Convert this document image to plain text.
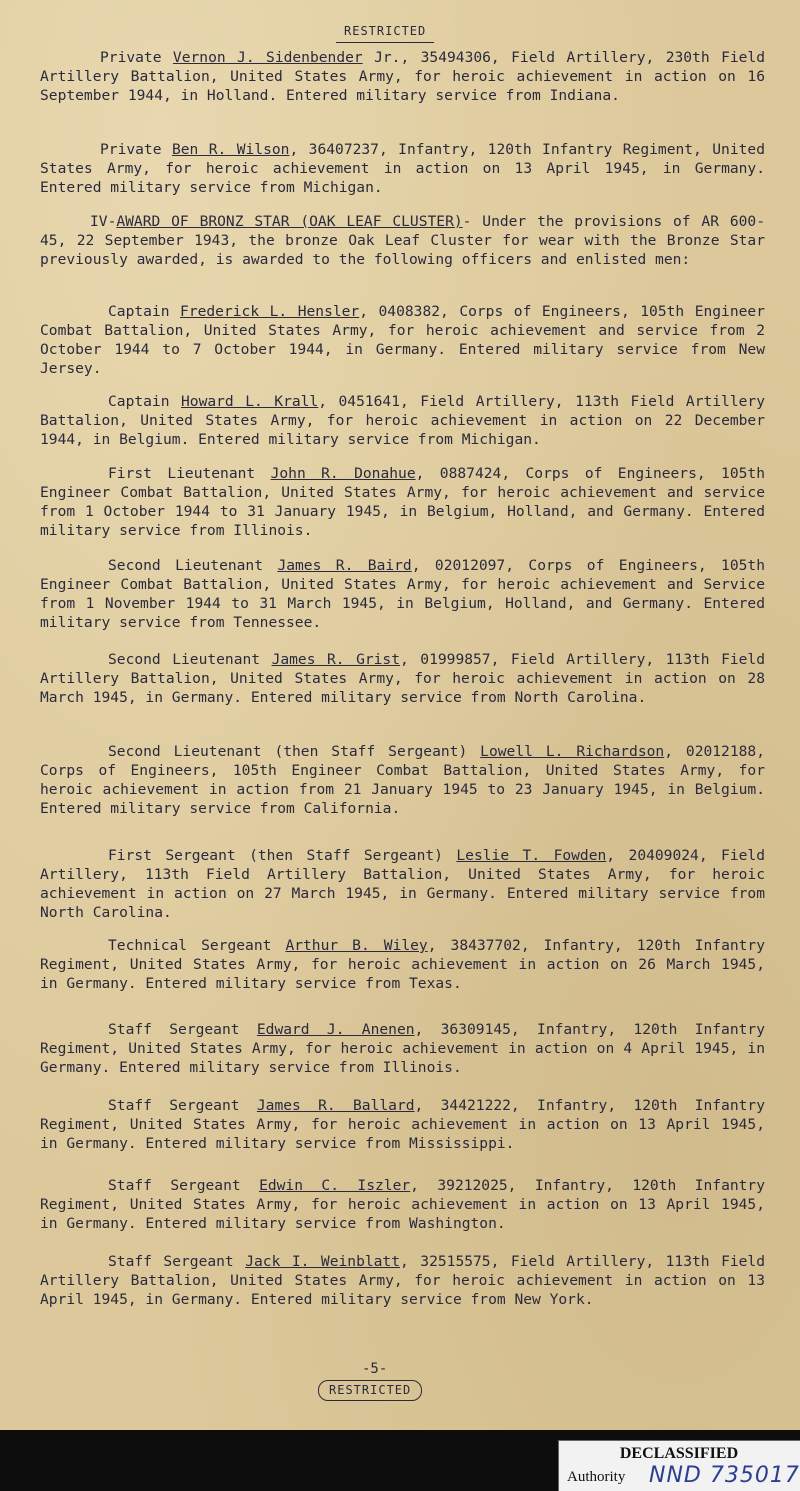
RESTRICTED

Private Vernon J. Sidenbender Jr., 35494306, Field Artillery, 230th Field Artillery Battalion, United States Army, for heroic achievement in action on 16 September 1944, in Holland. Entered military service from Indiana.

Private Ben R. Wilson, 36407237, Infantry, 120th Infantry Regiment, United States Army, for heroic achievement in action on 13 April 1945, in Germany. Entered military service from Michigan.

IV-AWARD OF BRONZ STAR (OAK LEAF CLUSTER)- Under the provisions of AR 600-45, 22 September 1943, the bronze Oak Leaf Cluster for wear with the Bronze Star previously awarded, is awarded to the following officers and enlisted men:

Captain Frederick L. Hensler, 0408382, Corps of Engineers, 105th Engineer Combat Battalion, United States Army, for heroic achievement and service from 2 October 1944 to 7 October 1944, in Germany. Entered military service from New Jersey.

Captain Howard L. Krall, 0451641, Field Artillery, 113th Field Artillery Battalion, United States Army, for heroic achievement in action on 22 December 1944, in Belgium. Entered military service from Michigan.

First Lieutenant John R. Donahue, 0887424, Corps of Engineers, 105th Engineer Combat Battalion, United States Army, for heroic achievement and service from 1 October 1944 to 31 January 1945, in Belgium, Holland, and Germany. Entered military service from Illinois.

Second Lieutenant James R. Baird, 02012097, Corps of Engineers, 105th Engineer Combat Battalion, United States Army, for heroic achievement and Service from 1 November 1944 to 31 March 1945, in Belgium, Holland, and Germany. Entered military service from Tennessee.

Second Lieutenant James R. Grist, 01999857, Field Artillery, 113th Field Artillery Battalion, United States Army, for heroic achievement in action on 28 March 1945, in Germany. Entered military service from North Carolina.

Second Lieutenant (then Staff Sergeant) Lowell L. Richardson, 02012188, Corps of Engineers, 105th Engineer Combat Battalion, United States Army, for heroic achievement in action from 21 January 1945 to 23 January 1945, in Belgium. Entered military service from California.

First Sergeant (then Staff Sergeant) Leslie T. Fowden, 20409024, Field Artillery, 113th Field Artillery Battalion, United States Army, for heroic achievement in action on 27 March 1945, in Germany. Entered military service from North Carolina.

Technical Sergeant Arthur B. Wiley, 38437702, Infantry, 120th Infantry Regiment, United States Army, for heroic achievement in action on 26 March 1945, in Germany. Entered military service from Texas.

Staff Sergeant Edward J. Anenen, 36309145, Infantry, 120th Infantry Regiment, United States Army, for heroic achievement in action on 4 April 1945, in Germany. Entered military service from Illinois.

Staff Sergeant James R. Ballard, 34421222, Infantry, 120th Infantry Regiment, United States Army, for heroic achievement in action on 13 April 1945, in Germany. Entered military service from Mississippi.

Staff Sergeant Edwin C. Iszler, 39212025, Infantry, 120th Infantry Regiment, United States Army, for heroic achievement in action on 13 April 1945, in Germany. Entered military service from Washington.

Staff Sergeant Jack I. Weinblatt, 32515575, Field Artillery, 113th Field Artillery Battalion, United States Army, for heroic achievement in action on 13 April 1945, in Germany. Entered military service from New York.

-5-
RESTRICTED
DECLASSIFIED
Authority NND 735017
